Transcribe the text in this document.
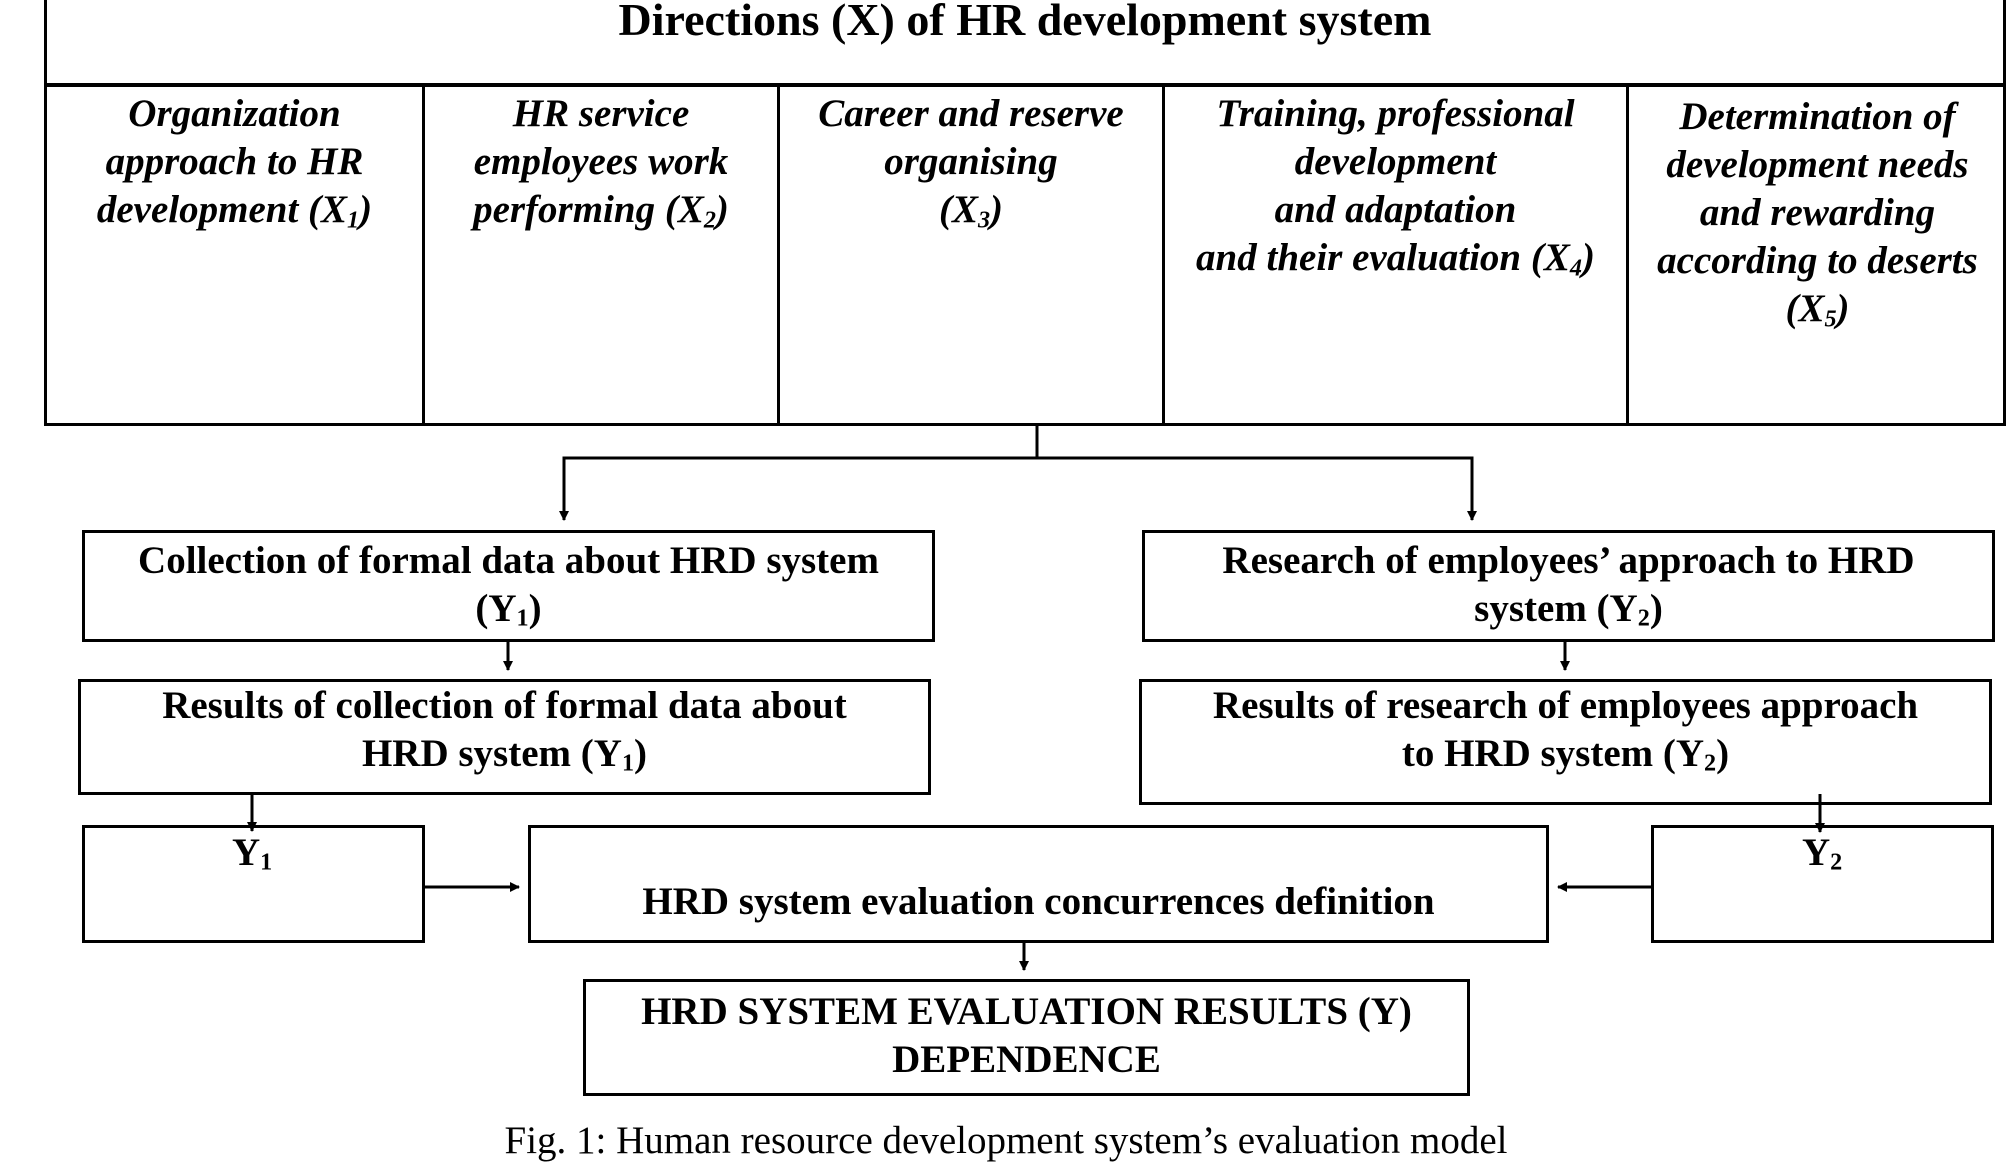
Directions (X) of HR development system
Organization
approach to HR
development (X1)
HR service
employees work
performing (X2)
Career and reserve
organising
(X3)
Training, professional
development
and adaptation
and their evaluation (X4)
Determination of
development needs
and rewarding
according to deserts
(X5)
Collection of formal data about HRD system
$(Y_1)$
Research of employees’ approach to HRD
system $(Y_2)$
Results of collection of formal data about
HRD system $(Y_1)$
Results of research of employees approach
to HRD system $(Y_2)$
$Y_1$
HRD system evaluation concurrences definition
$Y_2$
HRD SYSTEM EVALUATION RESULTS (Y)
DEPENDENCE
Fig. 1: Human resource development system’s evaluation model
